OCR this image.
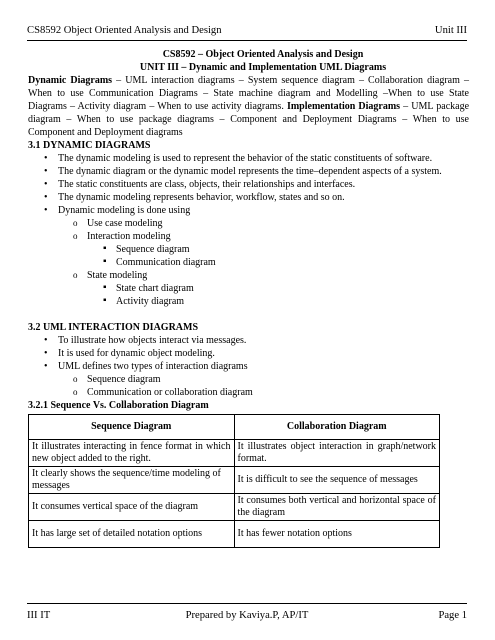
CS8592 Object Oriented Analysis and Design	Unit III
CS8592 – Object Oriented Analysis and Design
UNIT III – Dynamic and Implementation UML Diagrams
Dynamic Diagrams – UML interaction diagrams – System sequence diagram – Collaboration diagram – When to use Communication Diagrams – State machine diagram and Modelling –When to use State Diagrams – Activity diagram – When to use activity diagrams. Implementation Diagrams – UML package diagram – When to use package diagrams – Component and Deployment Diagrams – When to use Component and Deployment diagrams
3.1 DYNAMIC DIAGRAMS
• The dynamic modeling is used to represent the behavior of the static constituents of software.
• The dynamic diagram or the dynamic model represents the time–dependent aspects of a system.
• The static constituents are class, objects, their relationships and interfaces.
• The dynamic modeling represents behavior, workflow, states and so on.
• Dynamic modeling is done using
o Use case modeling
o Interaction modeling
▪ Sequence diagram
▪ Communication diagram
o State modeling
▪ State chart diagram
▪ Activity diagram
3.2 UML INTERACTION DIAGRAMS
• To illustrate how objects interact via messages.
• It is used for dynamic object modeling.
• UML defines two types of interaction diagrams
o Sequence diagram
o Communication or collaboration diagram
3.2.1 Sequence Vs. Collaboration Diagram
Sequence Diagram	Collaboration Diagram
It illustrates interacting in fence format in which new object added to the right.	It illustrates object interaction in graph/network format.
It clearly shows the sequence/time modeling of messages	It is difficult to see the sequence of messages
It consumes vertical space of the diagram	It consumes both vertical and horizontal space of the diagram
It has large set of detailed notation options	It has fewer notation options
III IT	Prepared by Kaviya.P, AP/IT	Page 1
